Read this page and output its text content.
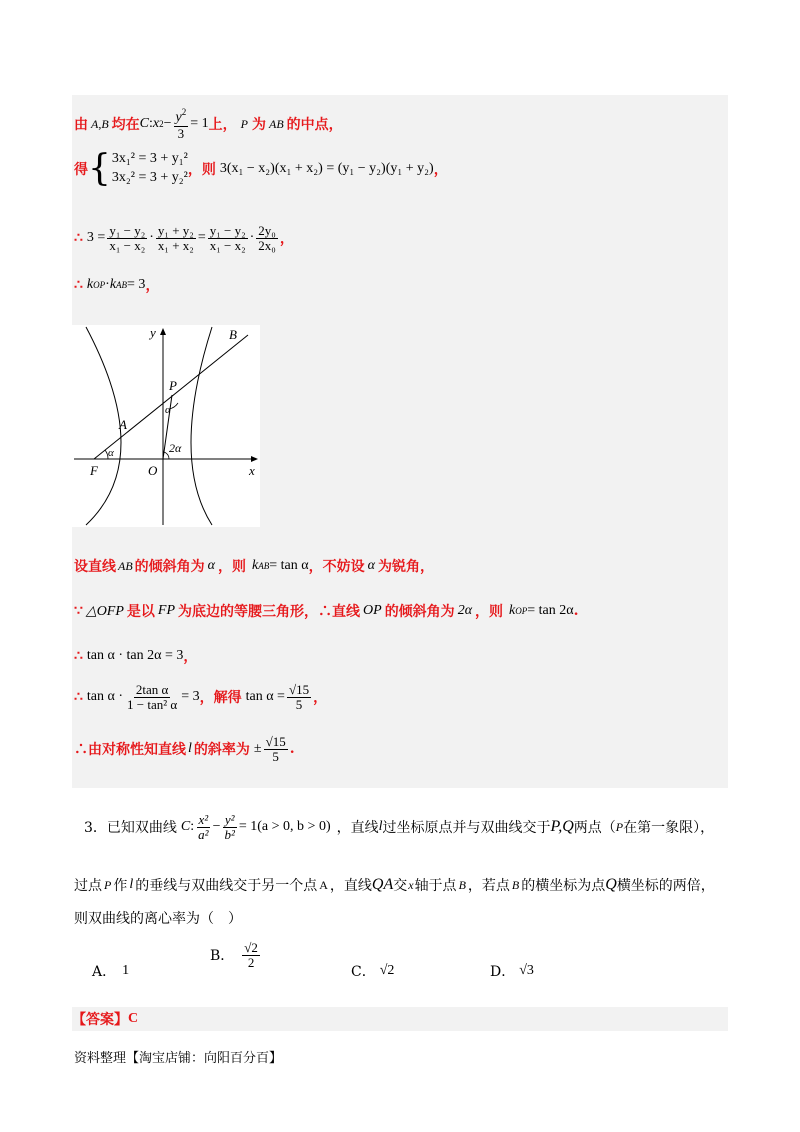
由 A,B 均在 C : x $2 - \frac{y^2}{3} = 1$ 上， P 为 AB 的中点，
得 { 3x₁² = 3 + y₁²
3x₂² = 3 + y₂² ，则 3(x₁ − x₂)(x₁ + x₂) = (y₁ − y₂)(y₁ + y₂) ，
∴ $3 = \frac{\text{y₁ − y₂}}{\text{x₁ − x₂}} \cdot \frac{\text{y₁ + y₂}}{\text{x₁ + x₂}} = \frac{\text{y₁ − y₂}}{\text{x₁ − x₂}} \cdot \frac{\text{2y₀}}{\text{2x₀}}$ ，
∴ k OP · k AB = 3 ，
y
x
B
P
A
F	O
α
α	2α
设直线 AB 的倾斜角为 α ，则 k AB = tan α ，不妨设 α 为锐角，
∵ △OFP 是以 FP 为底边的等腰三角形，∴直线 OP 的倾斜角为 2α ，则 k OP = tan 2α .
∴ tan α · tan 2α = 3 ，
∴ $\tan \alpha \cdot \frac{\text{2tan α}}{\text{1 − tan² α}} = 3$ ，解得 $\tan \alpha = \frac{√15}{5}$ ，
∴由对称性知直线 l 的斜率为 ± $\frac{√15}{5}$ .
3．已知双曲线 C : $\frac{\text{x²}}{\text{a²}} - \frac{\text{y²}}{\text{b²}} = 1(a > 0$, b > 0) ，直线 l 过坐标原点并与双曲线交于 P,Q 两点（ P 在第一象限），
过点 P 作 l 的垂线与双曲线交于另一个点 A ，直线 QA 交 x 轴于点 B ，若点 B 的横坐标为点 Q 横坐标的两倍，
则双曲线的离心率为（　）
A． 1
B． $\frac{√2}{2}$
C． √2	D． √3
【答案】 C
资料整理【淘宝店铺：向阳百分百】
